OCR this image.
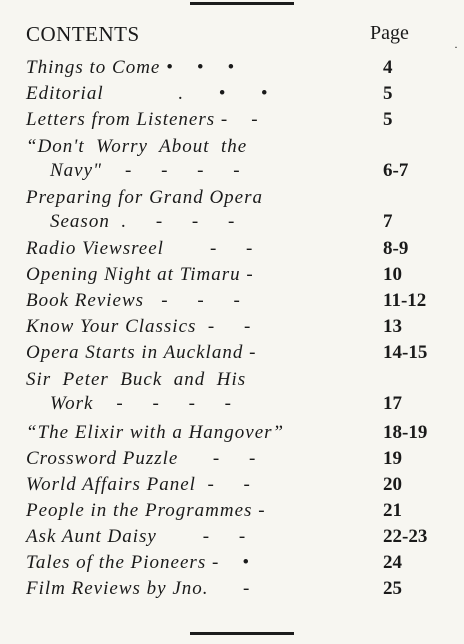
CONTENTS	Page
·
Things to Come •    •    •	4
Editorial             .      •      •	5
Letters from Listeners -    -	5
“Don't  Worry  About  the
Navy"    -     -     -     -	6-7
Preparing for Grand Opera
Season  .     -     -     -	7
Radio Viewsreel        -     -	8-9
Opening Night at Timaru -	10
Book Reviews   -     -     -	11-12
Know Your Classics  -     -	13
Opera Starts in Auckland -	14-15
Sir  Peter  Buck  and  His
Work    -     -     -     -	17
“The Elixir with a Hangover”	18-19
Crossword Puzzle      -     -	19
World Affairs Panel  -     -	20
People in the Programmes -	21
Ask Aunt Daisy        -     -	22-23
Tales of the Pioneers -    •	24
Film Reviews by Jno.      -	25
